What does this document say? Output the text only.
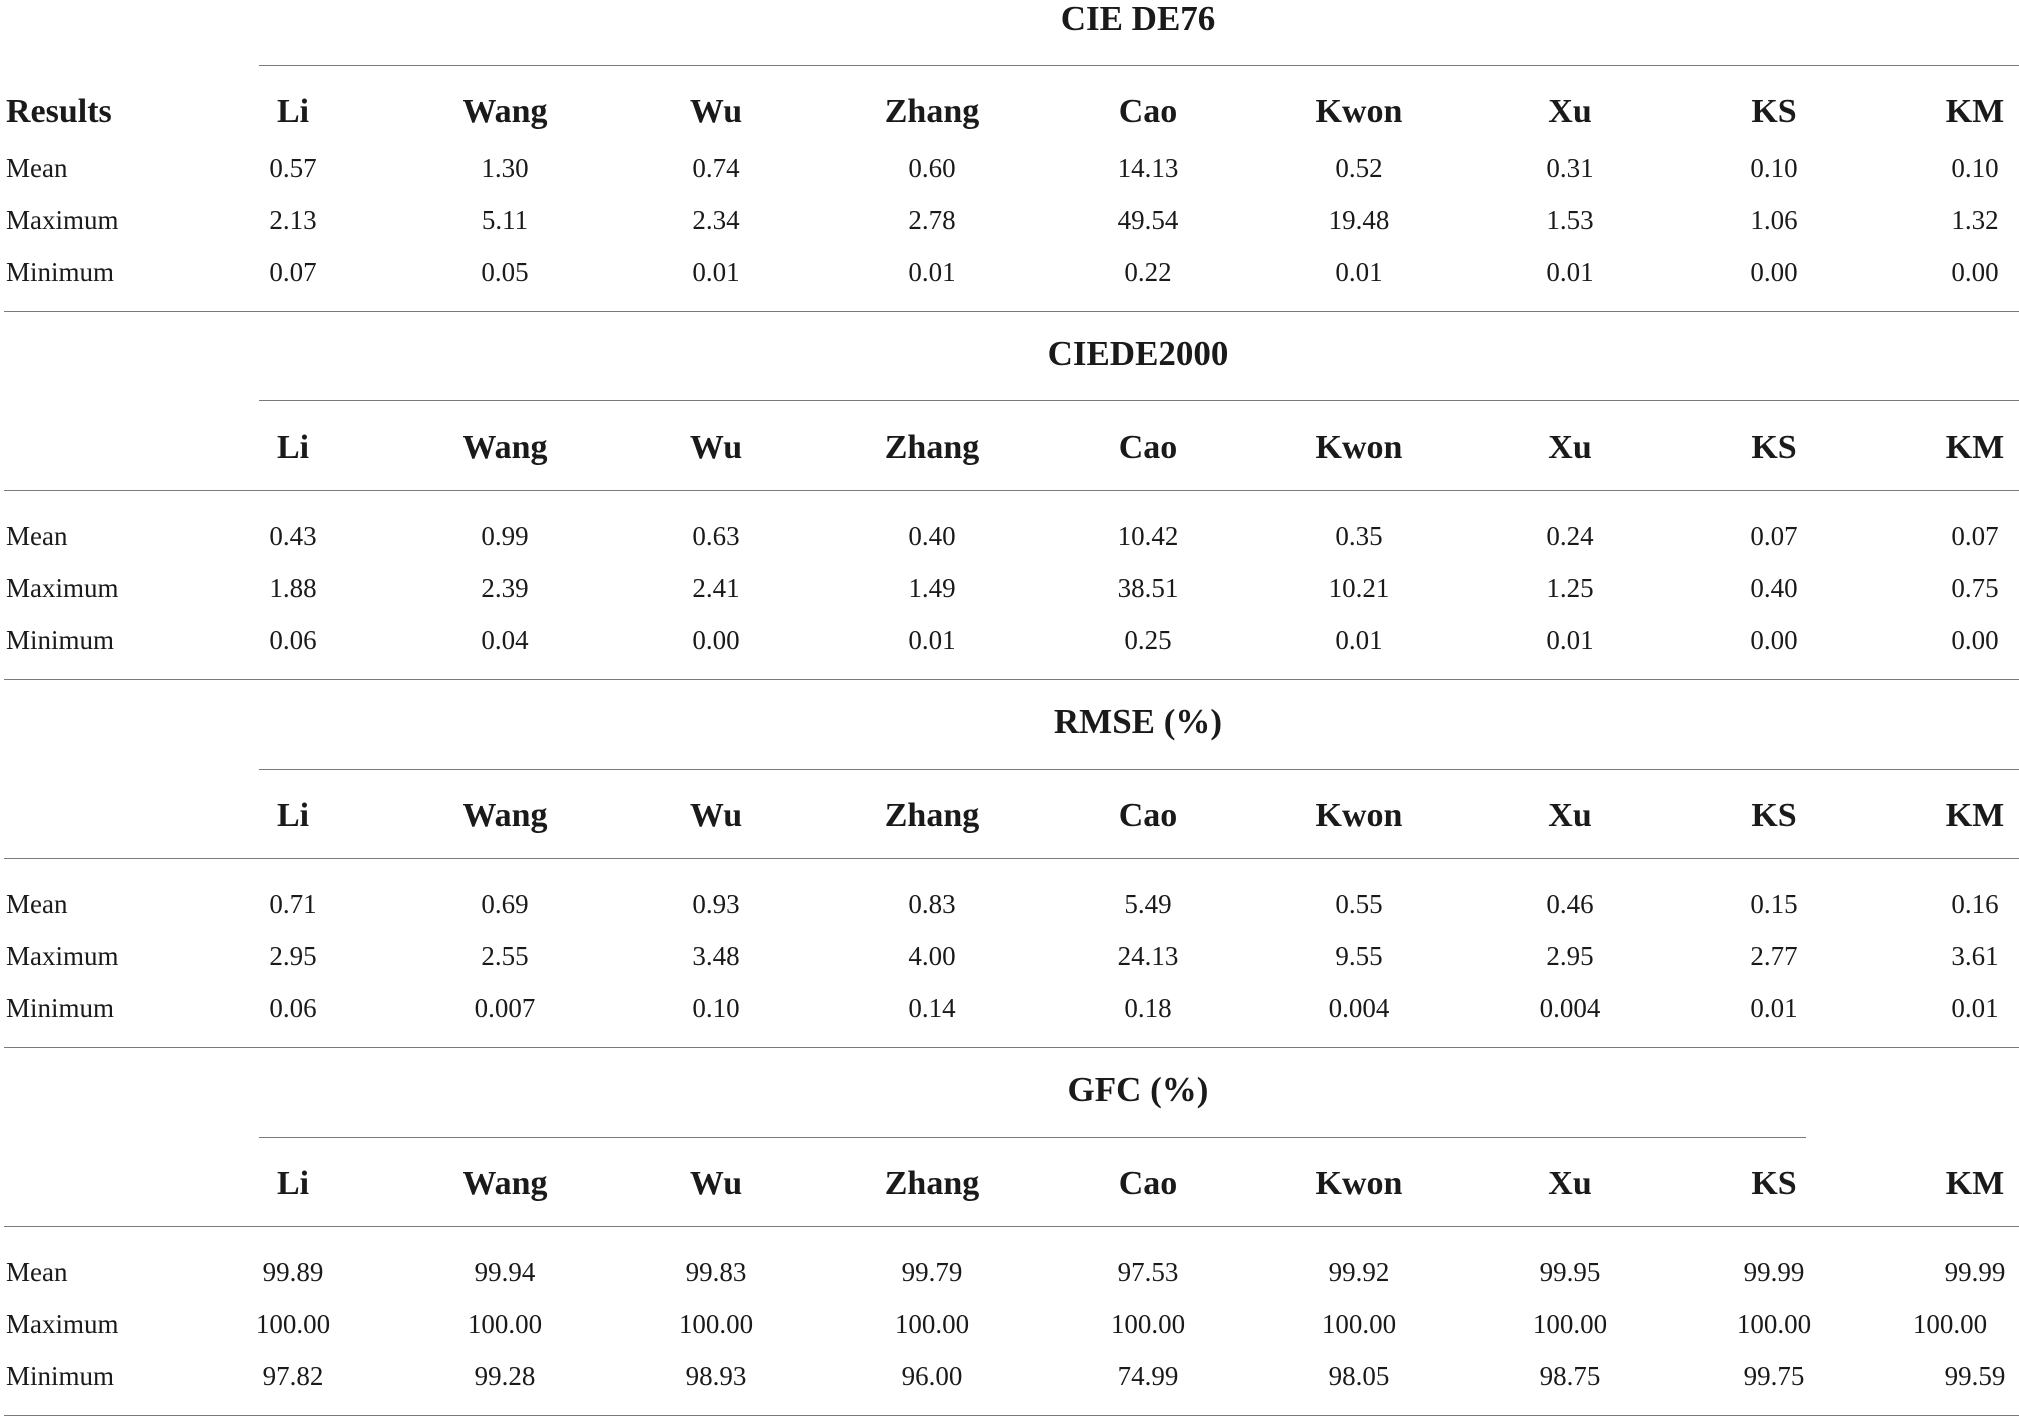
CIE DE76
Results	Li	Wang	Wu	Zhang	Cao	Kwon	Xu	KS	KM
Mean	0.57	1.30	0.74	0.60	14.13	0.52	0.31	0.10	0.10
Maximum	2.13	5.11	2.34	2.78	49.54	19.48	1.53	1.06	1.32
Minimum	0.07	0.05	0.01	0.01	0.22	0.01	0.01	0.00	0.00
CIEDE2000
Li	Wang	Wu	Zhang	Cao	Kwon	Xu	KS	KM
Mean	0.43	0.99	0.63	0.40	10.42	0.35	0.24	0.07	0.07
Maximum	1.88	2.39	2.41	1.49	38.51	10.21	1.25	0.40	0.75
Minimum	0.06	0.04	0.00	0.01	0.25	0.01	0.01	0.00	0.00
RMSE (%)
Li	Wang	Wu	Zhang	Cao	Kwon	Xu	KS	KM
Mean	0.71	0.69	0.93	0.83	5.49	0.55	0.46	0.15	0.16
Maximum	2.95	2.55	3.48	4.00	24.13	9.55	2.95	2.77	3.61
Minimum	0.06	0.007	0.10	0.14	0.18	0.004	0.004	0.01	0.01
GFC (%)
Li	Wang	Wu	Zhang	Cao	Kwon	Xu	KS	KM
Mean	99.89	99.94	99.83	99.79	97.53	99.92	99.95	99.99	99.99
Maximum	100.00	100.00	100.00	100.00	100.00	100.00	100.00	100.00	100.00
Minimum	97.82	99.28	98.93	96.00	74.99	98.05	98.75	99.75	99.59
